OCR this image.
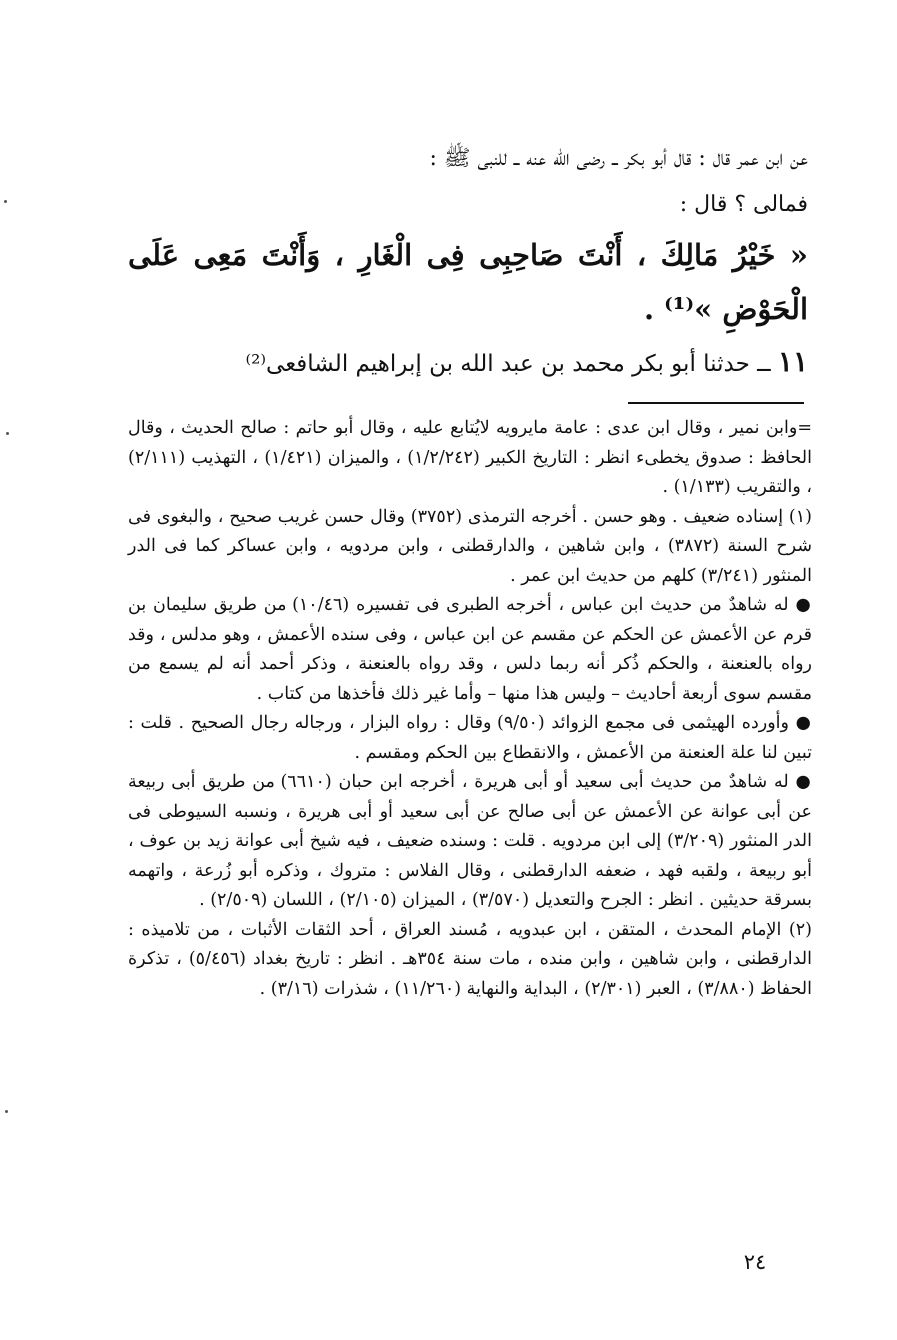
عن ابن عمر قال : قال أبو بكر ــ رضى الله عنه ــ للنبى ﷺ :
فمالى ؟ قال :
« خَيْرُ مَالِكَ ، أَنْتَ صَاحِبِى فِى الْغَارِ ، وَأَنْتَ مَعِى عَلَى الْحَوْضِ »⁽¹⁾ .
١١ ــ حدثنا أبو بكر محمد بن عبد الله بن إبراهيم الشافعى⁽²⁾

=وابن نمير ، وقال ابن عدى : عامة مايرويه لايُتابع عليه ، وقال أبو حاتم : صالح الحديث ، وقال الحافظ : صدوق يخطىء انظر : التاريخ الكبير (١/٢/٢٤٢) ، والميزان (١/٤٢١) ، التهذيب (٢/١١١) ، والتقريب (١/١٣٣) .

(١) إسناده ضعيف . وهو حسن . أخرجه الترمذى (٣٧٥٢) وقال حسن غريب صحيح ، والبغوى فى شرح السنة (٣٨٧٢) ، وابن شاهين ، والدارقطنى ، وابن مردويه ، وابن عساكر كما فى الدر المنثور (٣/٢٤١) كلهم من حديث ابن عمر .

● له شاهدٌ من حديث ابن عباس ، أخرجه الطبرى فى تفسيره (١٠/٤٦) من طريق سليمان بن قرم عن الأعمش عن الحكم عن مقسم عن ابن عباس ، وفى سنده الأعمش ، وهو مدلس ، وقد رواه بالعنعنة ، والحكم ذُكر أنه ربما دلس ، وقد رواه بالعنعنة ، وذكر أحمد أنه لم يسمع من مقسم سوى أربعة أحاديث – وليس هذا منها – وأما غير ذلك فأخذها من كتاب .

● وأورده الهيثمى فى مجمع الزوائد (٩/٥٠) وقال : رواه البزار ، ورجاله رجال الصحيح . قلت : تبين لنا علة العنعنة من الأعمش ، والانقطاع بين الحكم ومقسم .

● له شاهدٌ من حديث أبى سعيد أو أبى هريرة ، أخرجه ابن حبان (٦٦١٠) من طريق أبى ربيعة عن أبى عوانة عن الأعمش عن أبى صالح عن أبى سعيد أو أبى هريرة ، ونسبه السيوطى فى الدر المنثور (٣/٢٠٩) إلى ابن مردويه . قلت : وسنده ضعيف ، فيه شيخ أبى عوانة زيد بن عوف ، أبو ربيعة ، ولقبه فهد ، ضعفه الدارقطنى ، وقال الفلاس : متروك ، وذكره أبو زُرعة ، واتهمه بسرقة حديثين . انظر : الجرح والتعديل (٣/٥٧٠) ، الميزان (٢/١٠٥) ، اللسان (٢/٥٠٩) .

(٢) الإمام المحدث ، المتقن ، ابن عبدويه ، مُسند العراق ، أحد الثقات الأثبات ، من تلاميذه : الدارقطنى ، وابن شاهين ، وابن منده ، مات سنة ٣٥٤هـ . انظر : تاريخ بغداد (٥/٤٥٦) ، تذكرة الحفاظ (٣/٨٨٠) ، العبر (٢/٣٠١) ، البداية والنهاية (١١/٢٦٠) ، شذرات (٣/١٦) .

٢٤
